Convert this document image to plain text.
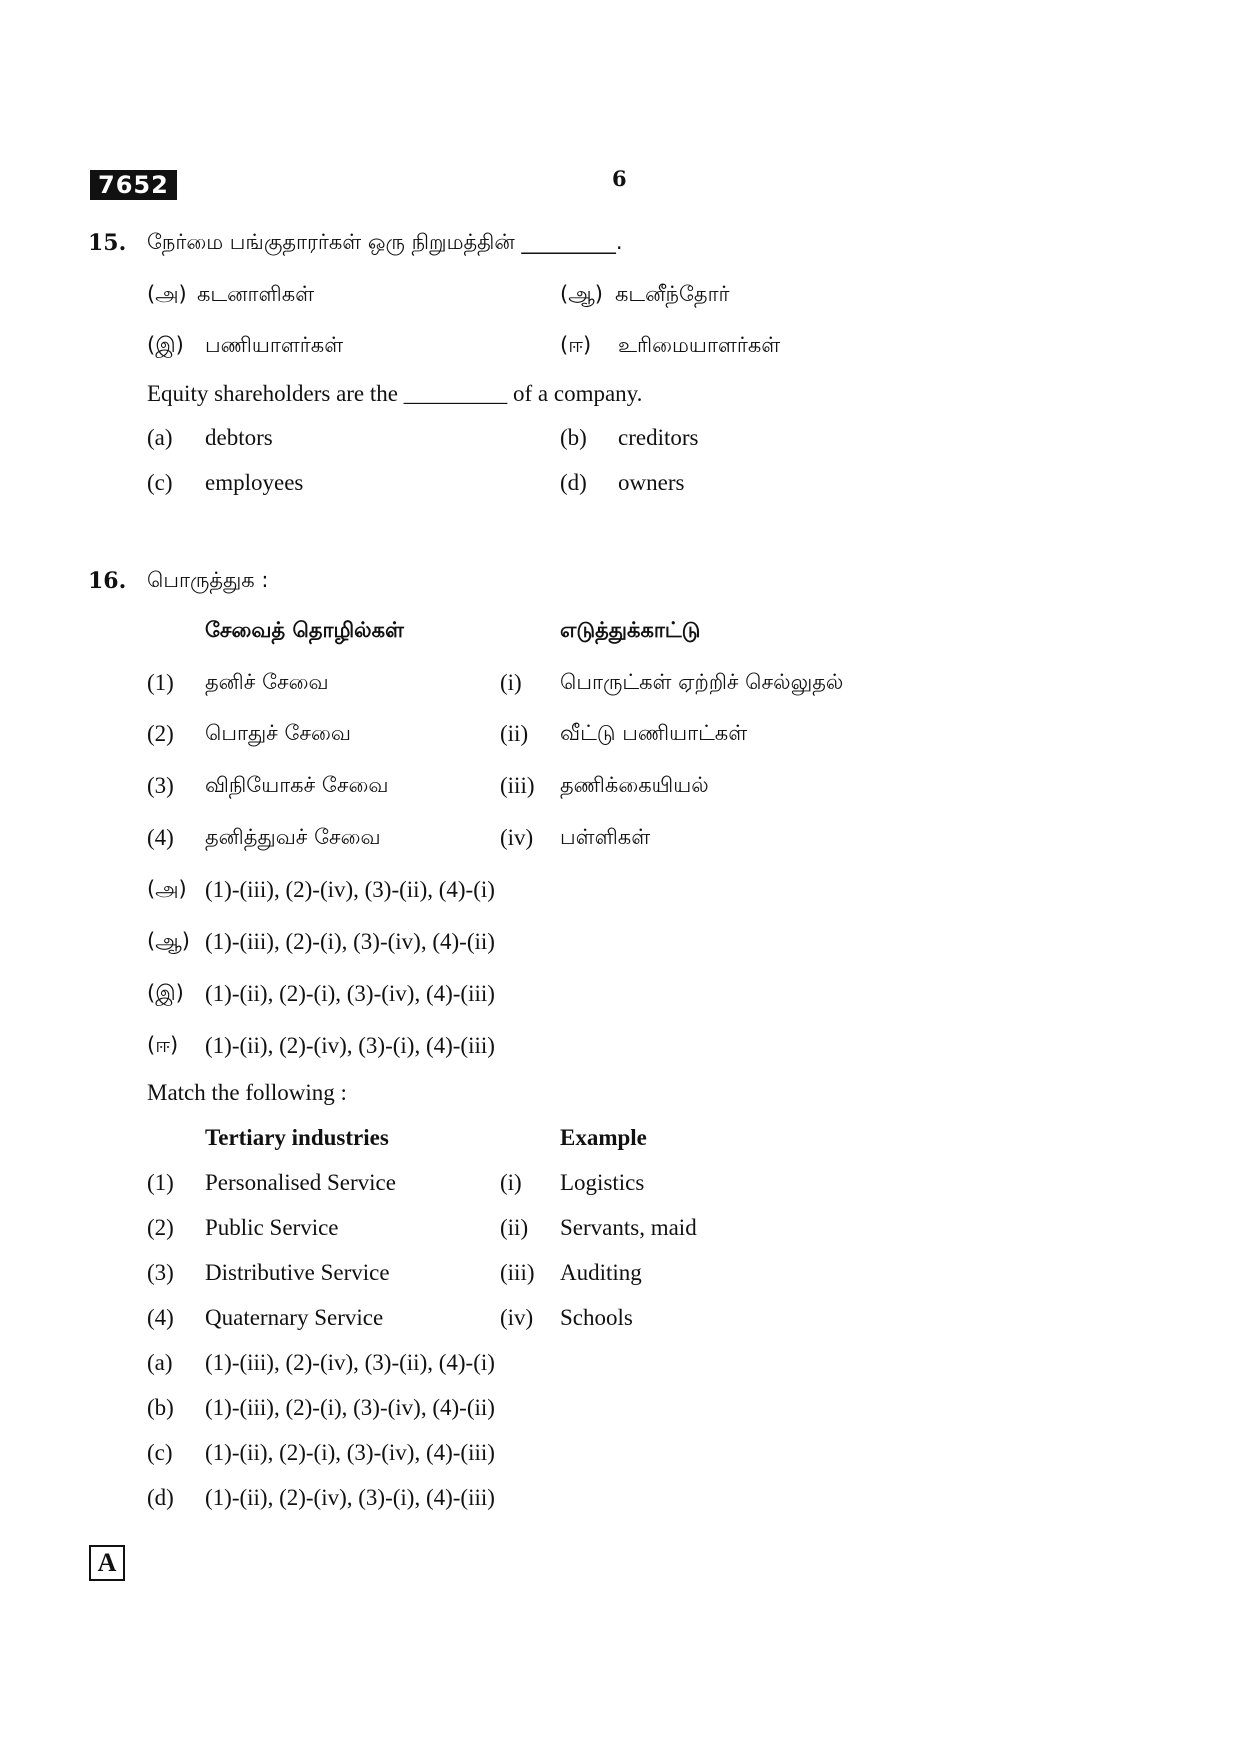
7652	6
15. நேர்மை பங்குதாரர்கள் ஒரு நிறுமத்தின் _________.
(அ) கடனாளிகள்	(ஆ) கடனீந்தோர்
(இ) பணியாளர்கள்	(ஈ) உரிமையாளர்கள்
Equity shareholders are the _________ of a company.
(a) debtors	(b) creditors
(c) employees	(d) owners
16. பொருத்துக :
சேவைத் தொழில்கள்	எடுத்துக்காட்டு
(1) தனிச் சேவை	(i) பொருட்கள் ஏற்றிச் செல்லுதல்
(2) பொதுச் சேவை	(ii) வீட்டு பணியாட்கள்
(3) விநியோகச் சேவை	(iii) தணிக்கையியல்
(4) தனித்துவச் சேவை	(iv) பள்ளிகள்
(அ) (1)-(iii), (2)-(iv), (3)-(ii), (4)-(i)
(ஆ) (1)-(iii), (2)-(i), (3)-(iv), (4)-(ii)
(இ) (1)-(ii), (2)-(i), (3)-(iv), (4)-(iii)
(ஈ) (1)-(ii), (2)-(iv), (3)-(i), (4)-(iii)
Match the following :
Tertiary industries	Example
(1) Personalised Service	(i) Logistics
(2) Public Service	(ii) Servants, maid
(3) Distributive Service	(iii) Auditing
(4) Quaternary Service	(iv) Schools
(a) (1)-(iii), (2)-(iv), (3)-(ii), (4)-(i)
(b) (1)-(iii), (2)-(i), (3)-(iv), (4)-(ii)
(c) (1)-(ii), (2)-(i), (3)-(iv), (4)-(iii)
(d) (1)-(ii), (2)-(iv), (3)-(i), (4)-(iii)
A
